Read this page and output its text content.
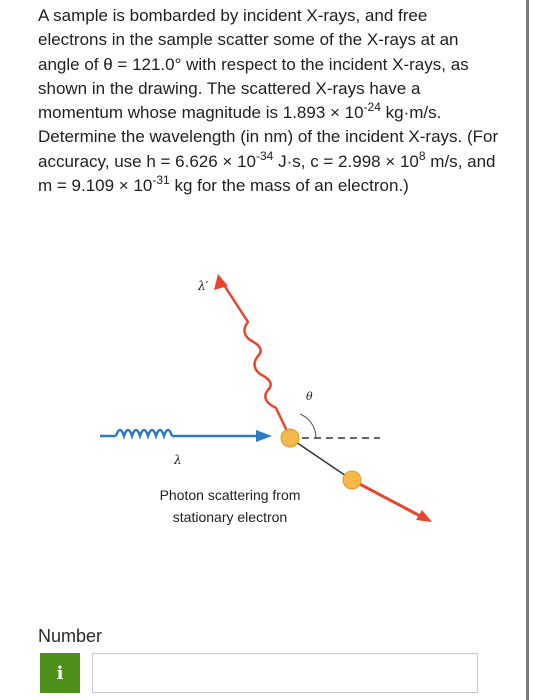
A sample is bombarded by incident X-rays, and free electrons in the sample scatter some of the X-rays at an angle of θ = 121.0° with respect to the incident X-rays, as shown in the drawing. The scattered X-rays have a momentum whose magnitude is $1.893 \times 10^{-24}$ kg·m/s. Determine the wavelength (in nm) of the incident X-rays. (For accuracy, use $h = 6.626 \times 10^{-34}$ J·s, $c = 2.998 \times 10^8$ m/s, and $m = 9.109 \times 10^{-31}$ kg for the mass of an electron.)
λ′
λ
θ
Photon scattering from
stationary electron
Number
i
